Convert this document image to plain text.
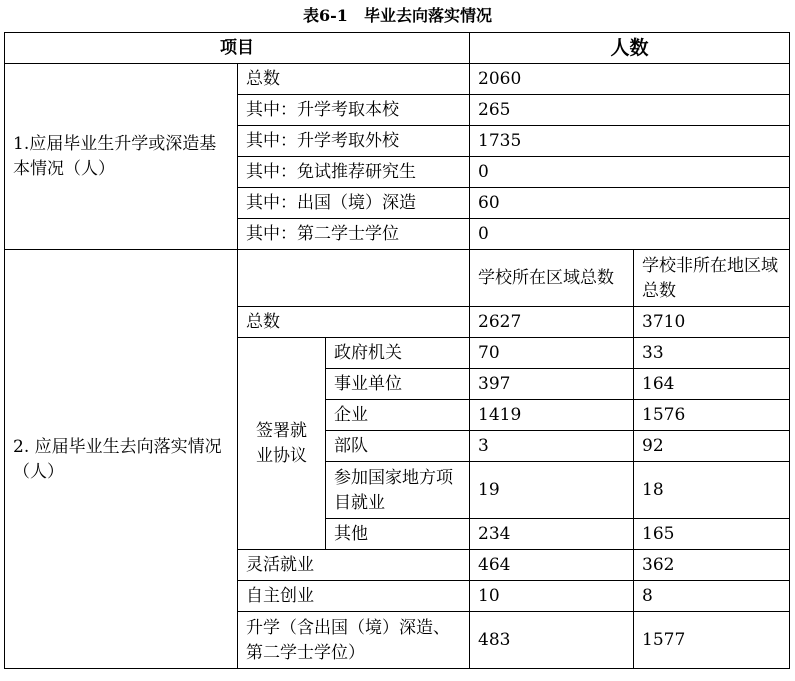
表6-1　毕业去向落实情况
项目			人数	
1.应届毕业生升学或深造基本情况（人）	总数		2060	
	其中：升学考取本校		265	
	其中：升学考取外校		1735	
	其中：免试推荐研究生		0	
	其中：出国（境）深造		60	
	其中：第二学士学位		0	
2. 应届毕业生去向落实情况（人）			学校所在区域总数	学校非所在地区域总数
	总数		2627	3710
	签署就业协议	政府机关	70	33
		事业单位	397	164
		企业	1419	1576
		部队	3	92
		参加国家地方项目就业	19	18
		其他	234	165
	灵活就业		464	362
	自主创业		10	8
	升学（含出国（境）深造、第二学士学位）		483	1577
